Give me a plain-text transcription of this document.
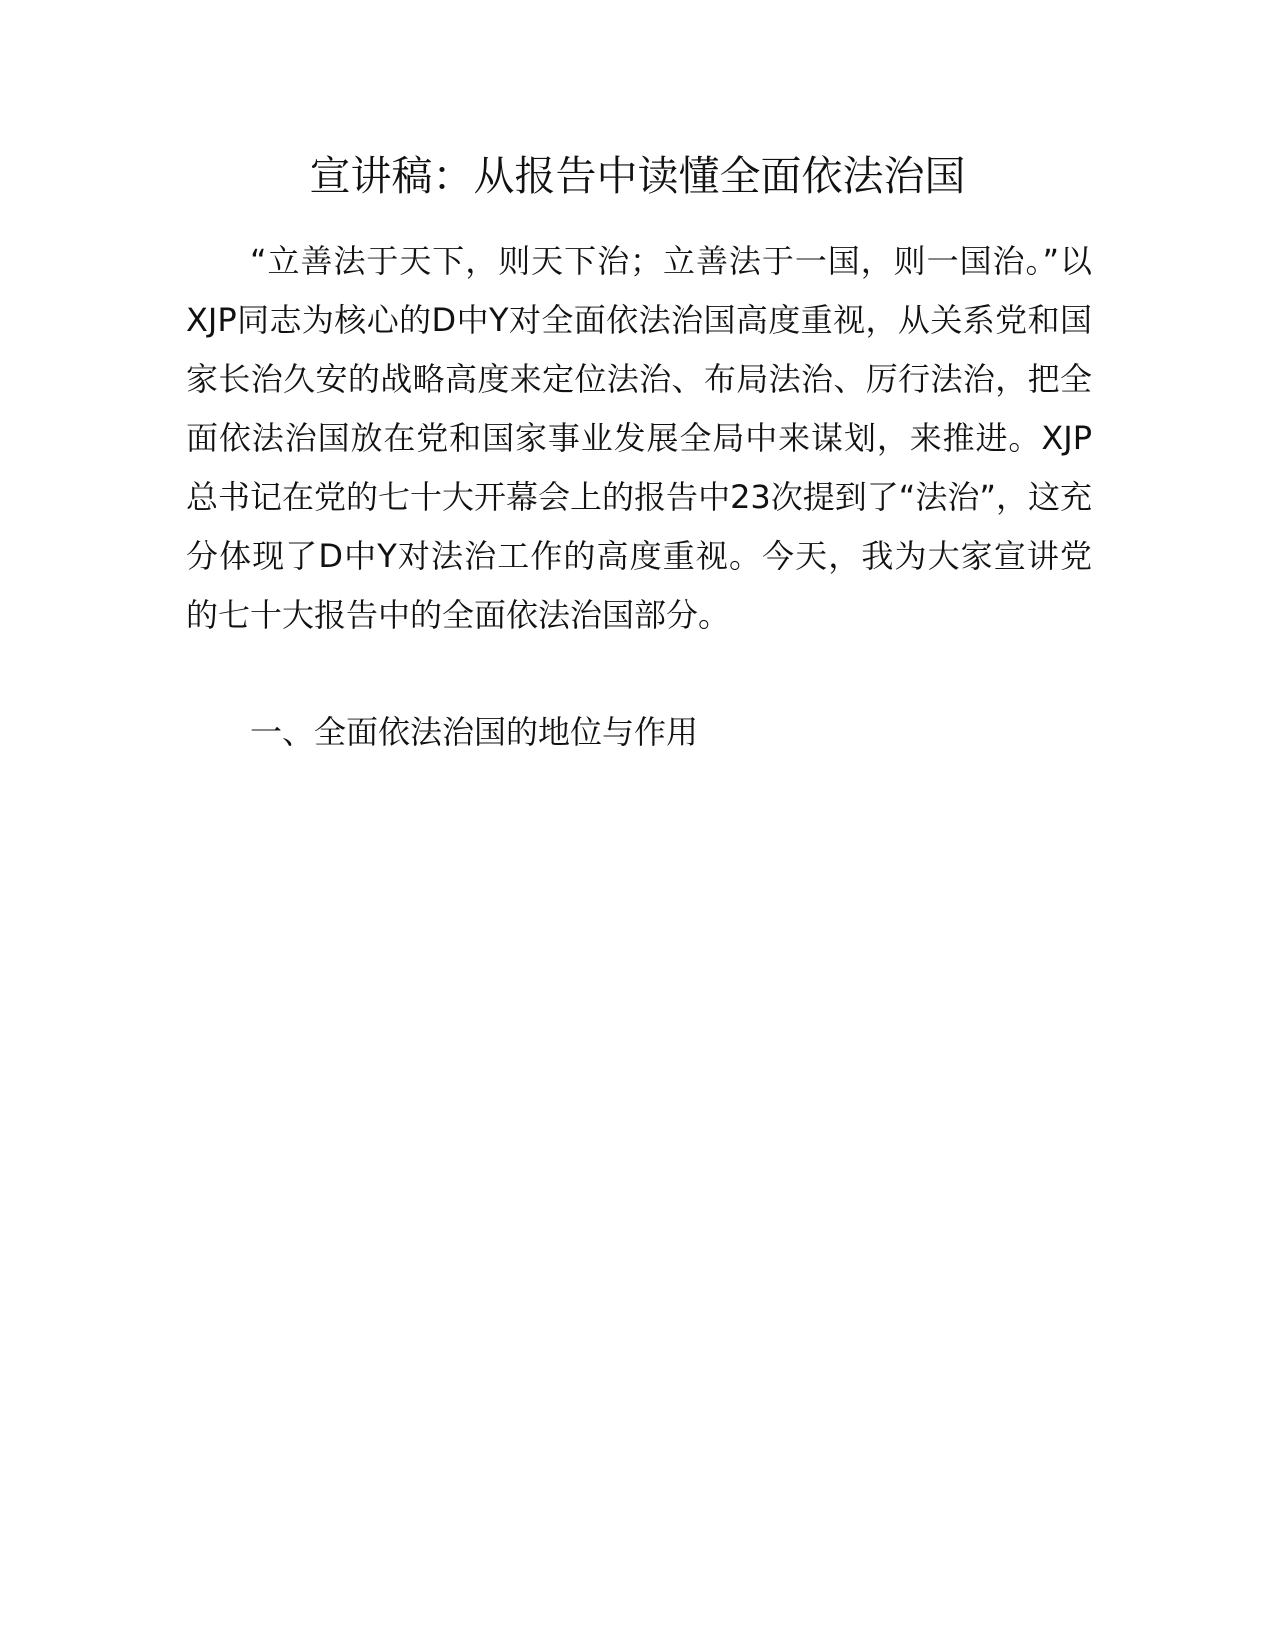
宣讲稿：从报告中读懂全面依法治国

“立善法于天下，则天下治；立善法于一国，则一国治。”以XJP同志为核心的D中Y对全面依法治国高度重视，从关系党和国家长治久安的战略高度来定位法治、布局法治、厉行法治，把全面依法治国放在党和国家事业发展全局中来谋划，来推进。XJP总书记在党的七十大开幕会上的报告中23次提到了“法治”，这充分体现了D中Y对法治工作的高度重视。今天，我为大家宣讲党的七十大报告中的全面依法治国部分。

一、全面依法治国的地位与作用
